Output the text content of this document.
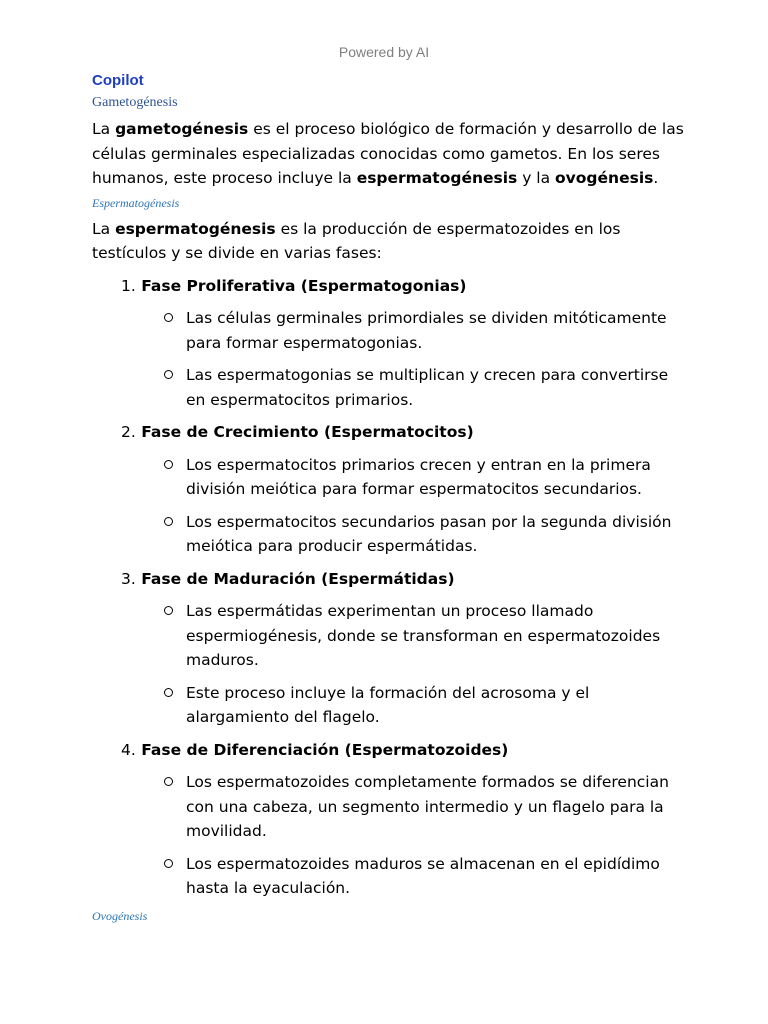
Powered by AI
Copilot
Gametogénesis

La gametogénesis es el proceso biológico de formación y desarrollo de las células germinales especializadas conocidas como gametos. En los seres humanos, este proceso incluye la espermatogénesis y la ovogénesis.

Espermatogénesis

La espermatogénesis es la producción de espermatozoides en los testículos y se divide en varias fases:

1. Fase Proliferativa (Espermatogonias)
Las células germinales primordiales se dividen mitóticamente para formar espermatogonias.
Las espermatogonias se multiplican y crecen para convertirse en espermatocitos primarios.
2. Fase de Crecimiento (Espermatocitos)
Los espermatocitos primarios crecen y entran en la primera división meiótica para formar espermatocitos secundarios.
Los espermatocitos secundarios pasan por la segunda división meiótica para producir espermátidas.
3. Fase de Maduración (Espermátidas)
Las espermátidas experimentan un proceso llamado espermiogénesis, donde se transforman en espermatozoides maduros.
Este proceso incluye la formación del acrosoma y el alargamiento del flagelo.
4. Fase de Diferenciación (Espermatozoides)
Los espermatozoides completamente formados se diferencian con una cabeza, un segmento intermedio y un flagelo para la movilidad.
Los espermatozoides maduros se almacenan en el epidídimo hasta la eyaculación.
Ovogénesis
